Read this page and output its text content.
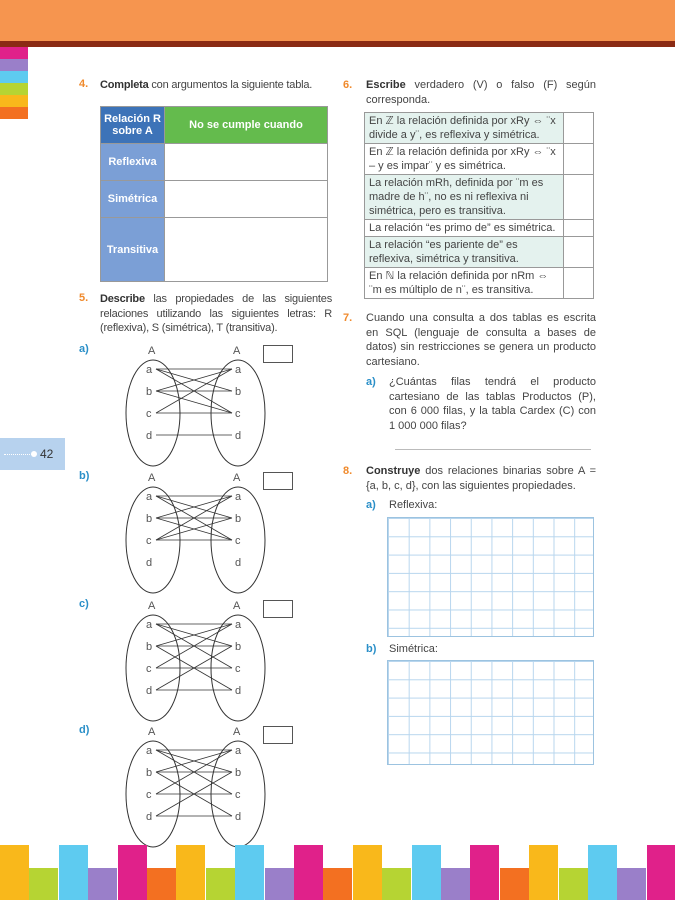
42
4. Completa con argumentos la siguiente tabla.
Relación R sobre A	No se cumple cuando
Reflexiva	
Simétrica	
Transitiva	
5. Describe las propiedades de las siguientes relaciones utilizando las siguientes letras: R (reflexiva), S (simétrica), T (transitiva).
a)	A	A
a	a
b	b
c	c
d	d
b)	A	A
a	a
b	b
c	c
d	d
c)	A	A
a	a
b	b
c	c
d	d
d)	A	A
a	a
b	b
c	c
d	d
6. Escribe verdadero (V) o falso (F) según corresponda.
En ℤ la relación definida por xRy ⇔ ¨x divide a y¨, es reflexiva y simétrica.	
En ℤ la relación definida por xRy ⇔ ¨x – y es impar¨ y es simétrica.	
La relación mRh, definida por ¨m es madre de h¨, no es ni reflexiva ni simétrica, pero es transitiva.	
La relación “es primo de” es simétrica.	
La relación “es pariente de” es reflexiva, simétrica y transitiva.	
En ℕ la relación definida por nRm ⇔ ¨m es múltiplo de n¨, es transitiva.	
7. Cuando una consulta a dos tablas es escrita en SQL (lenguaje de consulta a bases de datos) sin restricciones se genera un producto cartesiano.
a) ¿Cuántas filas tendrá el producto cartesiano de las tablas Productos (P), con 6 000 filas, y la tabla Cardex (C) con 1 000 000 filas?
8. Construye dos relaciones binarias sobre A = {a, b, c, d}, con las siguientes propiedades.
a) Reflexiva:
b) Simétrica:
